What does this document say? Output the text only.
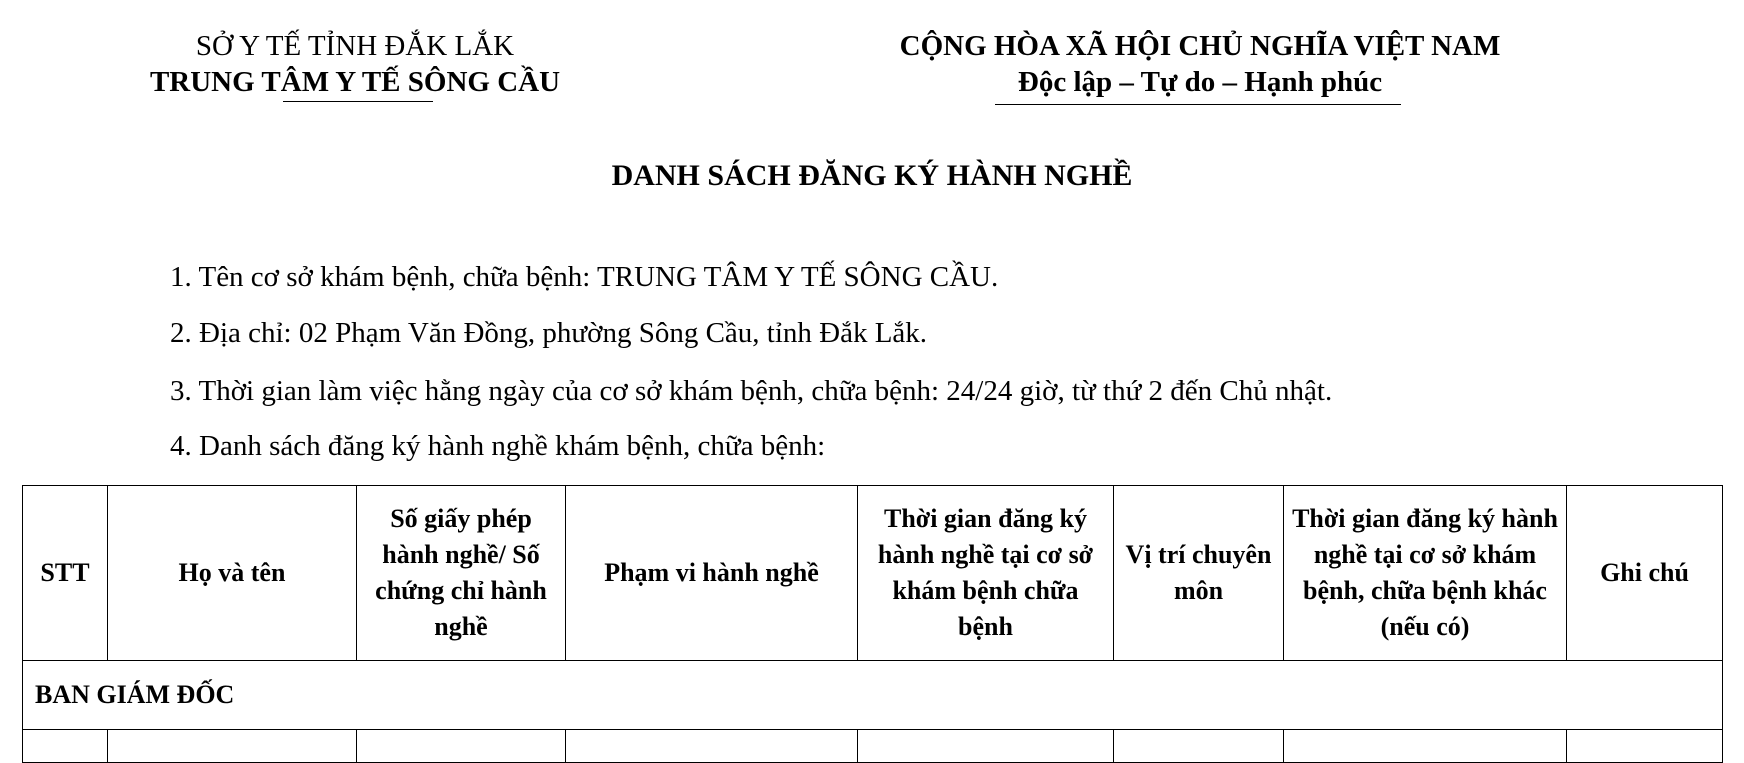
SỞ Y TẾ TỈNH ĐẮK LẮK
TRUNG TÂM Y TẾ SÔNG CẦU
CỘNG HÒA XÃ HỘI CHỦ NGHĨA VIỆT NAM
Độc lập – Tự do – Hạnh phúc
DANH SÁCH ĐĂNG KÝ HÀNH NGHỀ
1. Tên cơ sở khám bệnh, chữa bệnh: TRUNG TÂM Y TẾ SÔNG CẦU.
2. Địa chỉ: 02 Phạm Văn Đồng, phường Sông Cầu, tỉnh Đắk Lắk.
3. Thời gian làm việc hằng ngày của cơ sở khám bệnh, chữa bệnh: 24/24 giờ, từ thứ 2 đến Chủ nhật.
4. Danh sách đăng ký hành nghề khám bệnh, chữa bệnh:
STT	Họ và tên	Số giấy phép hành nghề/ Số chứng chỉ hành nghề	Phạm vi hành nghề	Thời gian đăng ký hành nghề tại cơ sở khám bệnh chữa bệnh	Vị trí chuyên môn	Thời gian đăng ký hành nghề tại cơ sở khám bệnh, chữa bệnh khác (nếu có)	Ghi chú
BAN GIÁM ĐỐC							
